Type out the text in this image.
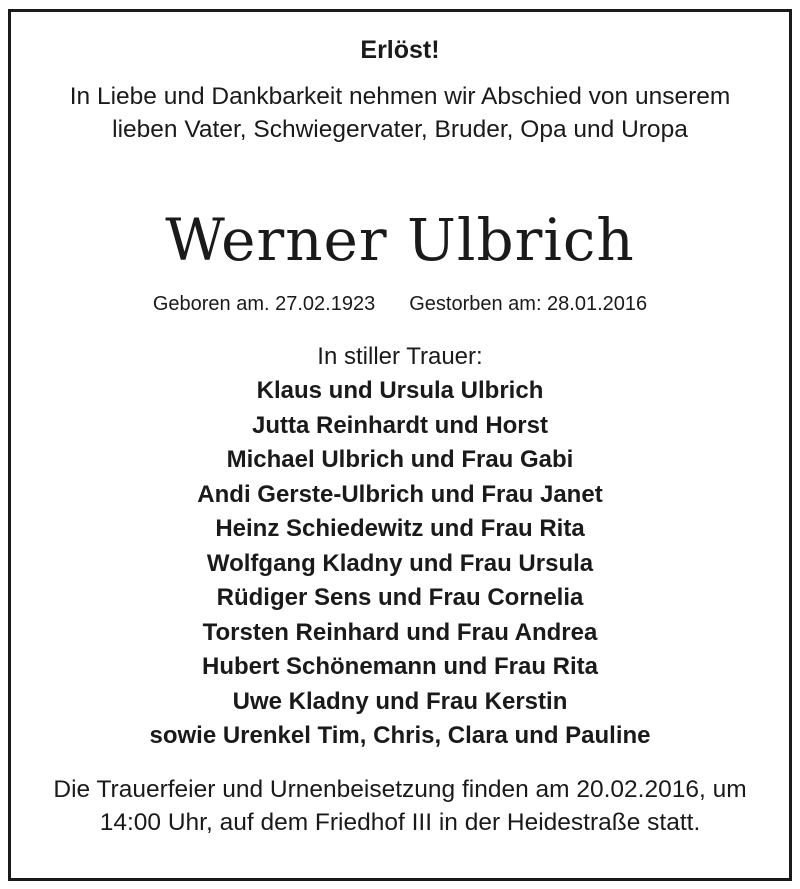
Erlöst!
In Liebe und Dankbarkeit nehmen wir Abschied von unserem lieben Vater, Schwiegervater, Bruder, Opa und Uropa
Werner Ulbrich
Geboren am. 27.02.1923 Gestorben am: 28.01.2016
In stiller Trauer:
Klaus und Ursula Ulbrich
Jutta Reinhardt und Horst
Michael Ulbrich und Frau Gabi
Andi Gerste-Ulbrich und Frau Janet
Heinz Schiedewitz und Frau Rita
Wolfgang Kladny und Frau Ursula
Rüdiger Sens und Frau Cornelia
Torsten Reinhard und Frau Andrea
Hubert Schönemann und Frau Rita
Uwe Kladny und Frau Kerstin
sowie Urenkel Tim, Chris, Clara und Pauline
Die Trauerfeier und Urnenbeisetzung finden am 20.02.2016, um 14:00 Uhr, auf dem Friedhof III in der Heidestraße statt.
